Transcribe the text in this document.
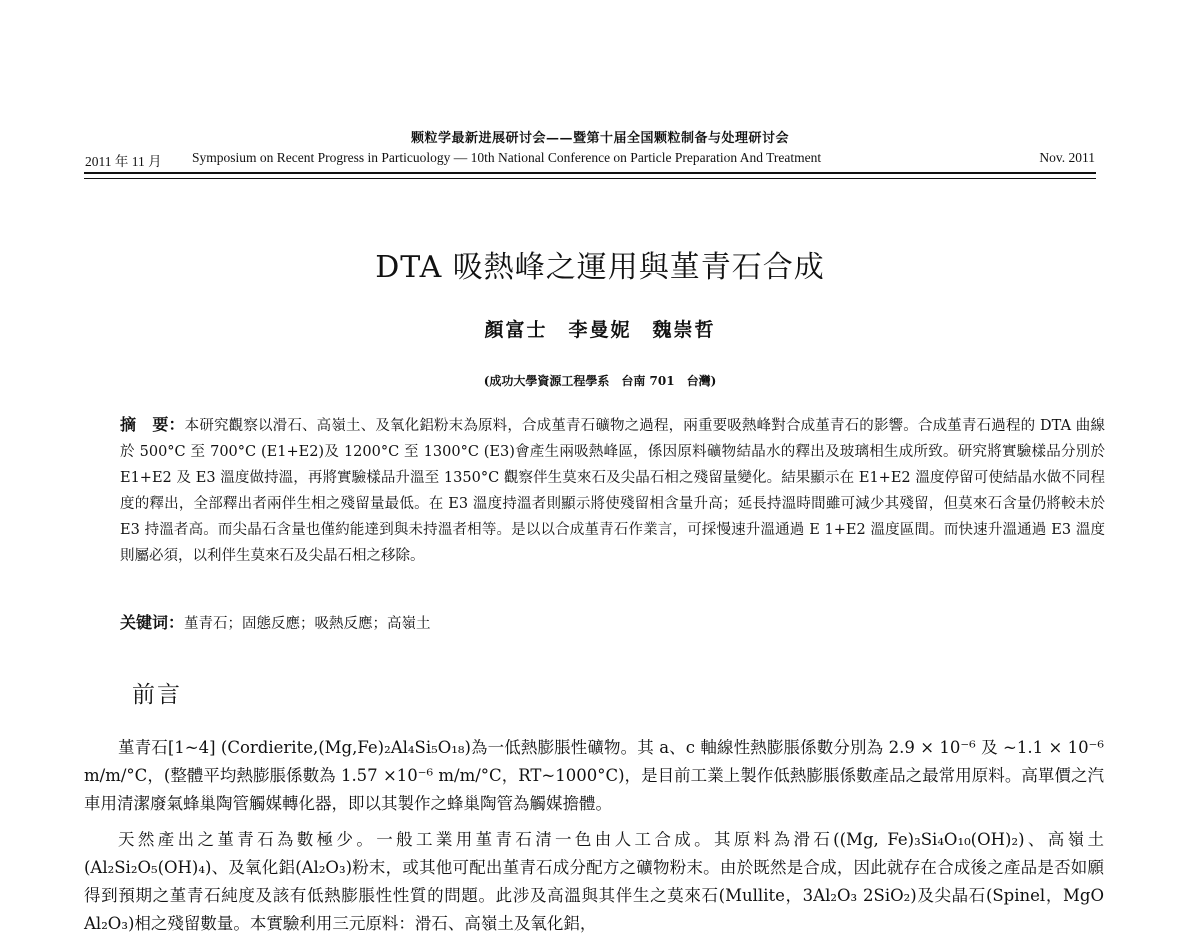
颗粒学最新进展研讨会——暨第十届全国颗粒制备与处理研讨会
2011 年 11 月 Symposium on Recent Progress in Particuology — 10th National Conference on Particle Preparation And Treatment	Nov. 2011
DTA 吸熱峰之運用與堇青石合成
顏富士　李曼妮　魏崇哲
(成功大學資源工程學系　台南 701　台灣)

摘　要：本研究觀察以滑石、高嶺土、及氧化鋁粉末為原料，合成堇青石礦物之過程，兩重要吸熱峰對合成堇青石的影響。合成堇青石過程的 DTA 曲線於 500°C 至 700°C (E1+E2)及 1200°C 至 1300°C (E3)會產生兩吸熱峰區，係因原料礦物結晶水的釋出及玻璃相生成所致。研究將實驗樣品分別於 E1+E2 及 E3 溫度做持溫，再將實驗樣品升溫至 1350°C 觀察伴生莫來石及尖晶石相之殘留量變化。結果顯示在 E1+E2 溫度停留可使結晶水做不同程度的釋出，全部釋出者兩伴生相之殘留量最低。在 E3 溫度持溫者則顯示將使殘留相含量升高；延長持溫時間雖可減少其殘留，但莫來石含量仍將較未於 E3 持溫者高。而尖晶石含量也僅約能達到與未持溫者相等。是以以合成堇青石作業言，可採慢速升溫通過 E 1+E2 溫度區間。而快速升溫通過 E3 溫度則屬必須，以利伴生莫來石及尖晶石相之移除。

关键词：堇青石；固態反應；吸熱反應；高嶺土

前言

堇青石[1~4] (Cordierite,(Mg,Fe)₂Al₄Si₅O₁₈)為一低熱膨脹性礦物。其 a、c 軸線性熱膨脹係數分別為 2.9 × 10⁻⁶ 及 ~1.1 × 10⁻⁶ m/m/°C，(整體平均熱膨脹係數為 1.57 ×10⁻⁶ m/m/°C，RT~1000°C)，是目前工業上製作低熱膨脹係數產品之最常用原料。高單價之汽車用清潔廢氣蜂巢陶管觸媒轉化器，即以其製作之蜂巢陶管為觸媒擔體。

天然產出之堇青石為數極少。一般工業用堇青石清一色由人工合成。其原料為滑石((Mg, Fe)₃Si₄O₁₀(OH)₂)、高嶺土(Al₂Si₂O₅(OH)₄)、及氧化鋁(Al₂O₃)粉末，或其他可配出堇青石成分配方之礦物粉末。由於既然是合成，因此就存在合成後之產品是否如願得到預期之堇青石純度及該有低熱膨脹性性質的問題。此涉及高溫與其伴生之莫來石(Mullite，3Al₂O₃ 2SiO₂)及尖晶石(Spinel，MgO Al₂O₃)相之殘留數量。本實驗利用三元原料：滑石、高嶺土及氧化鋁，
